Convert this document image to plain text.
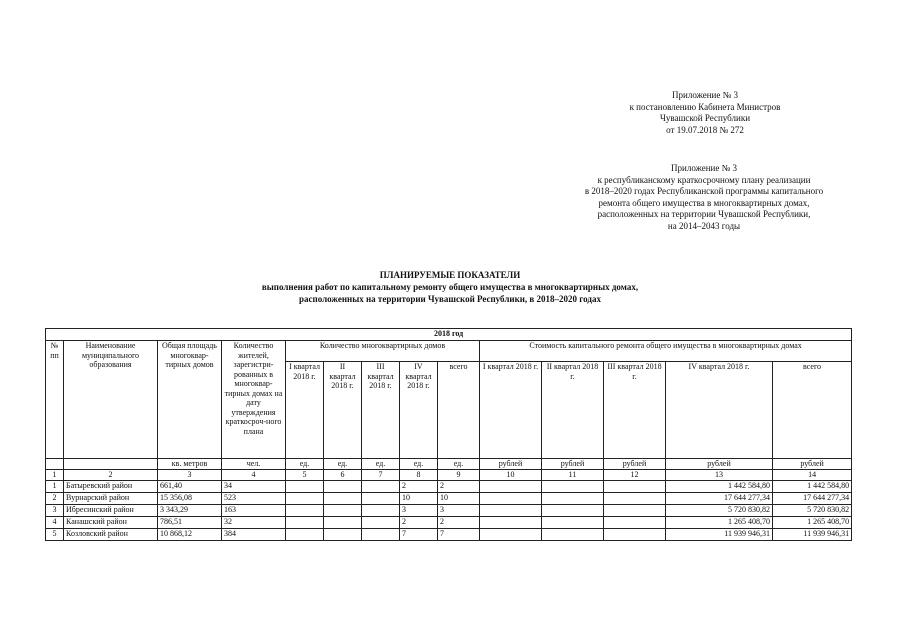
Приложение № 3
к постановлению Кабинета Министров
Чувашской Республики
от 19.07.2018 № 272
Приложение № 3
к республиканскому краткосрочному плану реализации
в 2018–2020 годах Республиканской программы капитального
ремонта общего имущества в многоквартирных домах,
расположенных на территории Чувашской Республики,
на 2014–2043 годы
ПЛАНИРУЕМЫЕ ПОКАЗАТЕЛИ
выполнения работ по капитальному ремонту общего имущества в многоквартирных домах,
расположенных на территории Чувашской Республики, в 2018–2020 годах
2018 год													
№ пп	Наименование муниципального образования	Общая площадь многоквар-тирных домов	Количество жителей, зарегистри-рованных в многоквар-тирных домах на дату утверждения краткосроч-ного плана	Количество многоквартирных домов					Стоимость капитального ремонта общего имущества в многоквартирных домах				
				I квартал 2018 г.	II квартал 2018 г.	III квартал 2018 г.	IV квартал 2018 г.	всего	I квартал 2018 г.	II квартал 2018 г.	III квартал 2018 г.	IV квартал 2018 г.	всего
		кв. метров	чел.	ед.	ед.	ед.	ед.	ед.	рублей	рублей	рублей	рублей	рублей
1	2	3	4	5	6	7	8	9	10	11	12	13	14
1	Батыревский район	661,40	34				2	2				1 442 584,80	1 442 584,80
2	Вурнарский район	15 356,08	523				10	10				17 644 277,34	17 644 277,34
3	Ибресинский район	3 343,29	163				3	3				5 720 830,82	5 720 830,82
4	Канашский район	786,51	32				2	2				1 265 408,70	1 265 408,70
5	Козловский район	10 868,12	384				7	7				11 939 946,31	11 939 946,31
